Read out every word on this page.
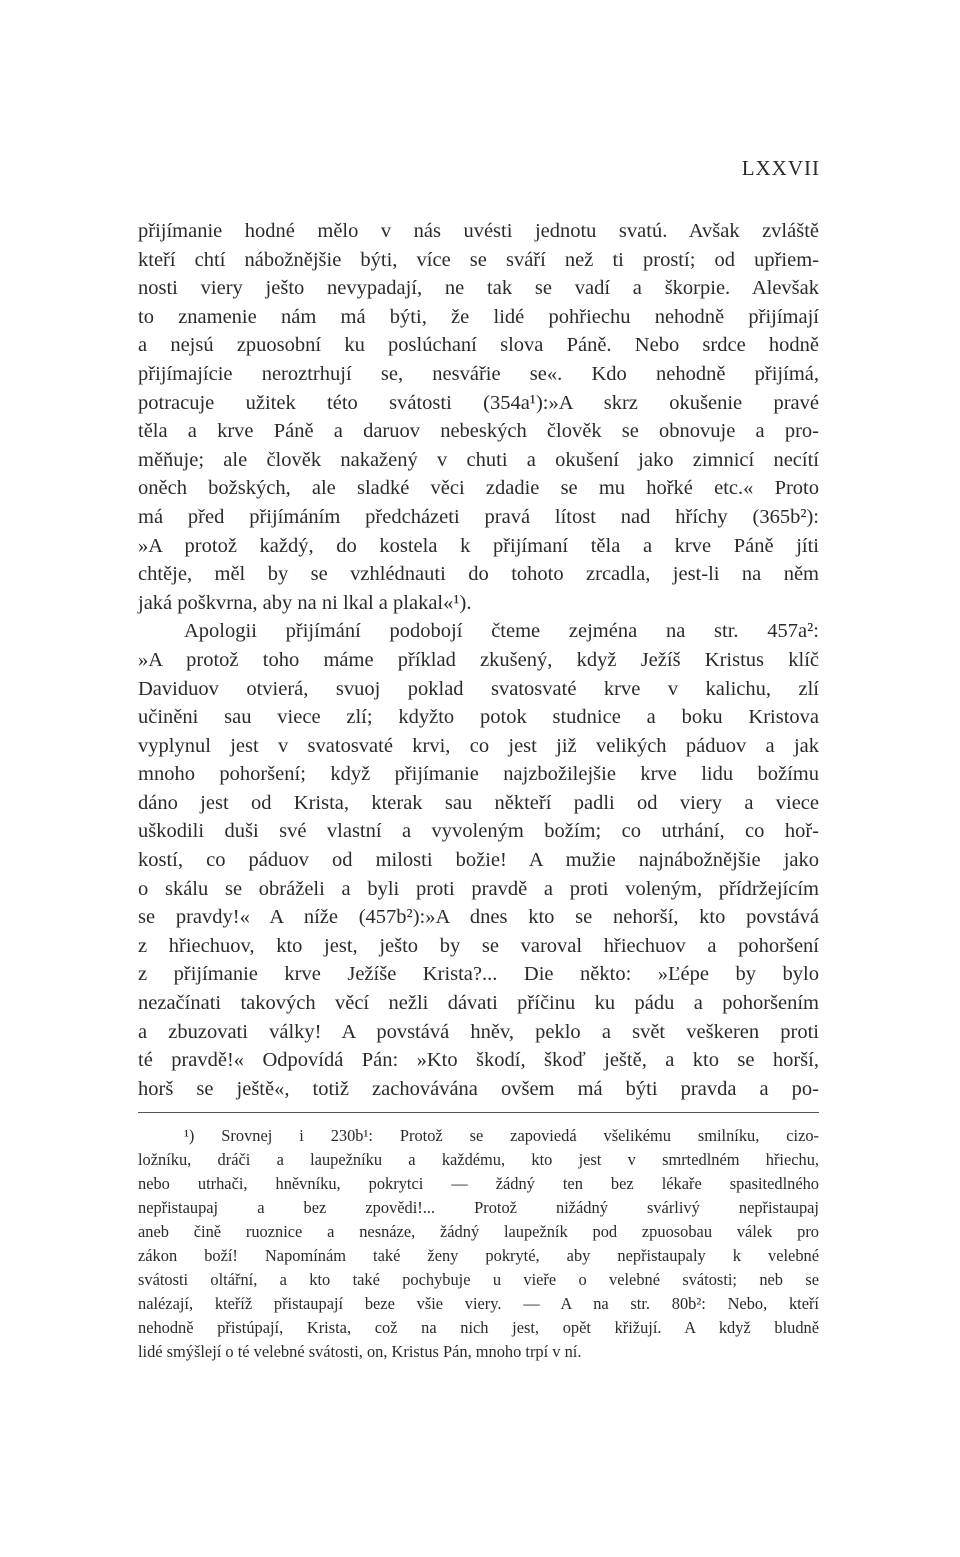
LXXVII
přijímanie hodné mělo v nás uvésti jednotu svatú. Avšak zvláště
kteří chtí nábožnějšie býti, více se sváří než ti prostí; od upřiem-
nosti viery ješto nevypadají, ne tak se vadí a škorpie. Alevšak
to znamenie nám má býti, že lidé pohřiechu nehodně přijímají
a nejsú zpuosobní ku poslúchaní slova Páně. Nebo srdce hodně
přijímajície neroztrhují se, nesvářie se«. Kdo nehodně přijímá,
potracuje užitek této svátosti (354a¹):»A skrz okušenie pravé
těla a krve Páně a daruov nebeských člověk se obnovuje a pro-
měňuje; ale člověk nakažený v chuti a okušení jako zimnicí necítí
oněch božských, ale sladké věci zdadie se mu hořké etc.« Proto
má před přijímáním předcházeti pravá lítost nad hříchy (365b²):
»A protož každý, do kostela k přijímaní těla a krve Páně jíti
chtěje, měl by se vzhlédnauti do tohoto zrcadla, jest-li na něm
jaká poškvrna, aby na ni lkal a plakal«¹).
Apologii přijímání podobojí čteme zejména na str. 457a²:
»A protož toho máme příklad zkušený, když Ježíš Kristus klíč
Daviduov otvierá, svuoj poklad svatosvaté krve v kalichu, zlí
učiněni sau viece zlí; kdyžto potok studnice a boku Kristova
vyplynul jest v svatosvaté krvi, co jest již velikých páduov a jak
mnoho pohoršení; když přijímanie najzbožilejšie krve lidu božímu
dáno jest od Krista, kterak sau někteří padli od viery a viece
uškodili duši své vlastní a vyvoleným božím; co utrhání, co hoř-
kostí, co páduov od milosti božie! A mužie najnábožnějšie jako
o skálu se obráželi a byli proti pravdě a proti voleným, přídržejícím
se pravdy!« A níže (457b²):»A dnes kto se nehorší, kto povstává
z hřiechuov, kto jest, ješto by se varoval hřiechuov a pohoršení
z přijímanie krve Ježíše Krista?... Die někto: »Ľépe by bylo
nezačínati takových věcí nežli dávati příčinu ku pádu a pohoršením
a zbuzovati války! A povstává hněv, peklo a svět veškeren proti
té pravdě!« Odpovídá Pán: »Kto škodí, škoď ještě, a kto se horší,
horš se ještě«, totiž zachovávána ovšem má býti pravda a po-
¹) Srovnej i 230b¹: Protož se zapoviedá všelikému smilníku, cizo-
ložníku, dráči a laupežníku a každému, kto jest v smrtedlném hřiechu,
nebo utrhači, hněvníku, pokrytci — žádný ten bez lékaře spasitedlného
nepřistaupaj a bez zpovědi!... Protož nižádný svárlivý nepřistaupaj
aneb čině ruoznice a nesnáze, žádný laupežník pod zpuosobau válek pro
zákon boží! Napomínám také ženy pokryté, aby nepřistaupaly k velebné
svátosti oltářní, a kto také pochybuje u vieře o velebné svátosti; neb se
nalézají, kteříž přistaupají beze všie viery. — A na str. 80b²: Nebo, kteří
nehodně přistúpají, Krista, což na nich jest, opět křižují. A když bludně
lidé smýšlejí o té velebné svátosti, on, Kristus Pán, mnoho trpí v ní.
